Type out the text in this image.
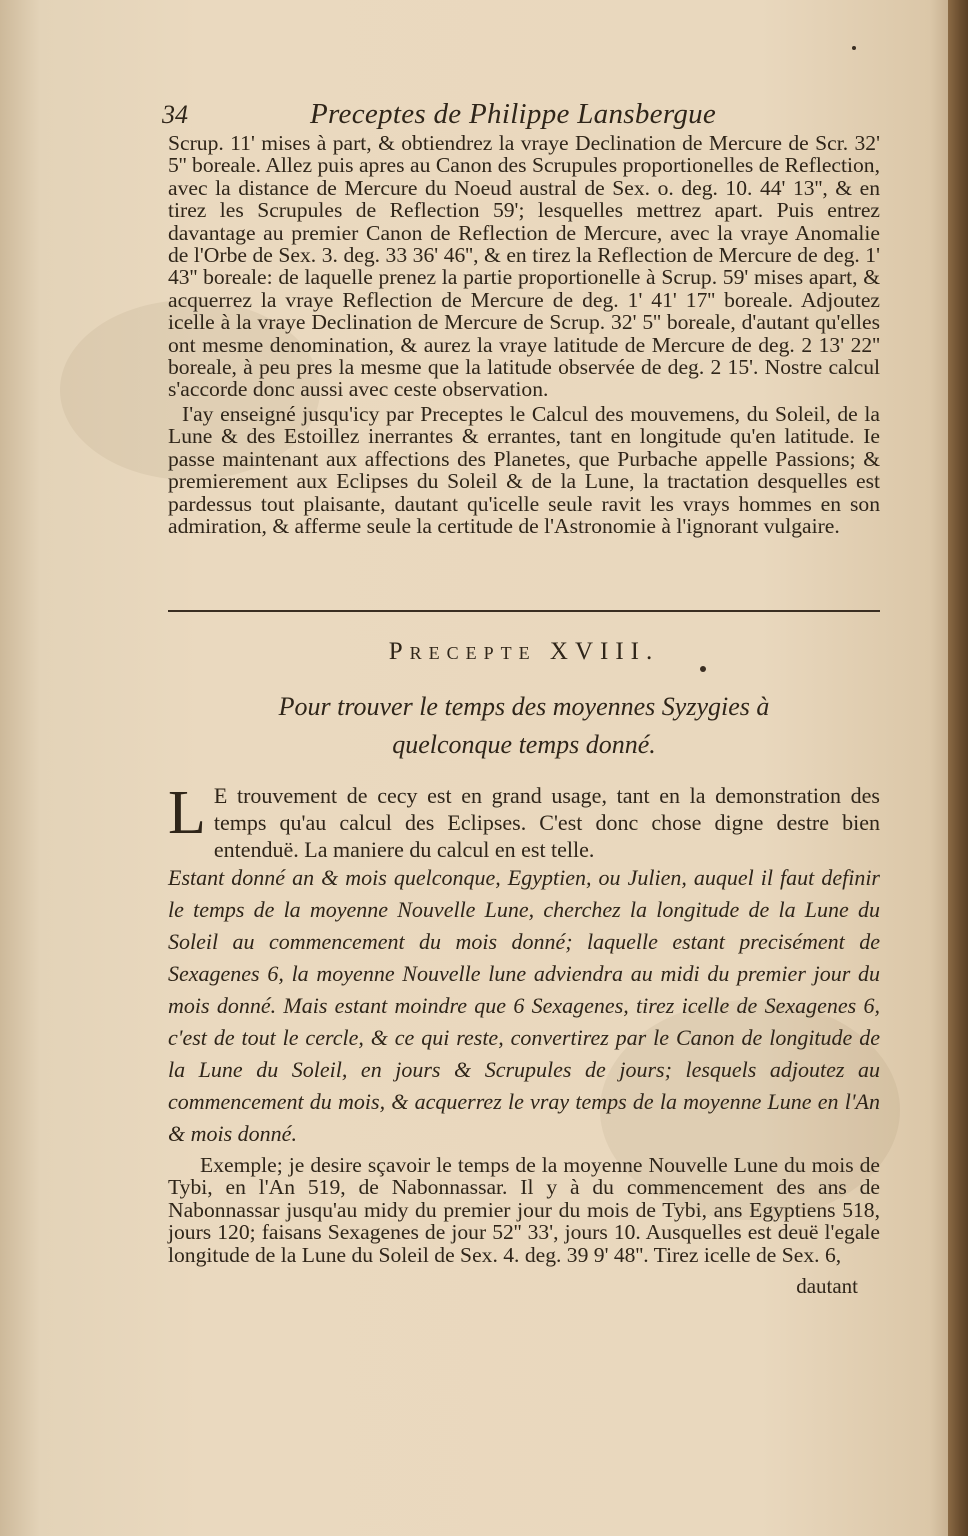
34	Preceptes de Philippe Lansbergue

Scrup. 11' mises à part, & obtiendrez la vraye Declination de Mercure de Scr. 32' 5'' boreale. Allez puis apres au Canon des Scrupules proportionelles de Reflection, avec la distance de Mercure du Noeud austral de Sex. o. deg. 10. 44' 13'', & en tirez les Scrupules de Reflection 59'; lesquelles mettrez apart. Puis entrez davantage au premier Canon de Reflection de Mercure, avec la vraye Anomalie de l'Orbe de Sex. 3. deg. 33 36' 46'', & en tirez la Reflection de Mercure de deg. 1' 43'' boreale: de laquelle prenez la partie proportionelle à Scrup. 59' mises apart, & acquerrez la vraye Reflection de Mercure de deg. 1' 41' 17'' boreale. Adjoutez icelle à la vraye Declination de Mercure de Scrup. 32' 5'' boreale, d'autant qu'elles ont mesme denomination, & aurez la vraye latitude de Mercure de deg. 2 13' 22'' boreale, à peu pres la mesme que la latitude observée de deg. 2 15'. Nostre calcul s'accorde donc aussi avec ceste observation.

I'ay enseigné jusqu'icy par Preceptes le Calcul des mouvemens, du Soleil, de la Lune & des Estoillez inerrantes & errantes, tant en longitude qu'en latitude. Ie passe maintenant aux affections des Planetes, que Purbache appelle Passions; & premierement aux Eclipses du Soleil & de la Lune, la tractation desquelles est pardessus tout plaisante, dautant qu'icelle seule ravit les vrays hommes en son admiration, & afferme seule la certitude de l'Astronomie à l'ignorant vulgaire.

Precepte XVIII.
Pour trouver le temps des moyennes Syzygies à
quelconque temps donné.
L E trouvement de cecy est en grand usage, tant en la demonstration des temps qu'au calcul des Eclipses. C'est donc chose digne destre bien entenduë. La maniere du calcul en est telle.

Estant donné an & mois quelconque, Egyptien, ou Julien, auquel il faut definir le temps de la moyenne Nouvelle Lune, cherchez la longitude de la Lune du Soleil au commencement du mois donné; laquelle estant precisément de Sexagenes 6, la moyenne Nouvelle lune adviendra au midi du premier jour du mois donné. Mais estant moindre que 6 Sexagenes, tirez icelle de Sexagenes 6, c'est de tout le cercle, & ce qui reste, convertirez par le Canon de longitude de la Lune du Soleil, en jours & Scrupules de jours; lesquels adjoutez au commencement du mois, & acquerrez le vray temps de la moyenne Lune en l'An & mois donné.

Exemple; je desire sçavoir le temps de la moyenne Nouvelle Lune du mois de Tybi, en l'An 519, de Nabonnassar. Il y à du commencement des ans de Nabonnassar jusqu'au midy du premier jour du mois de Tybi, ans Egyptiens 518, jours 120; faisans Sexagenes de jour 52'' 33', jours 10. Ausquelles est deuë l'egale longitude de la Lune du Soleil de Sex. 4. deg. 39 9' 48''. Tirez icelle de Sex. 6,

dautant
